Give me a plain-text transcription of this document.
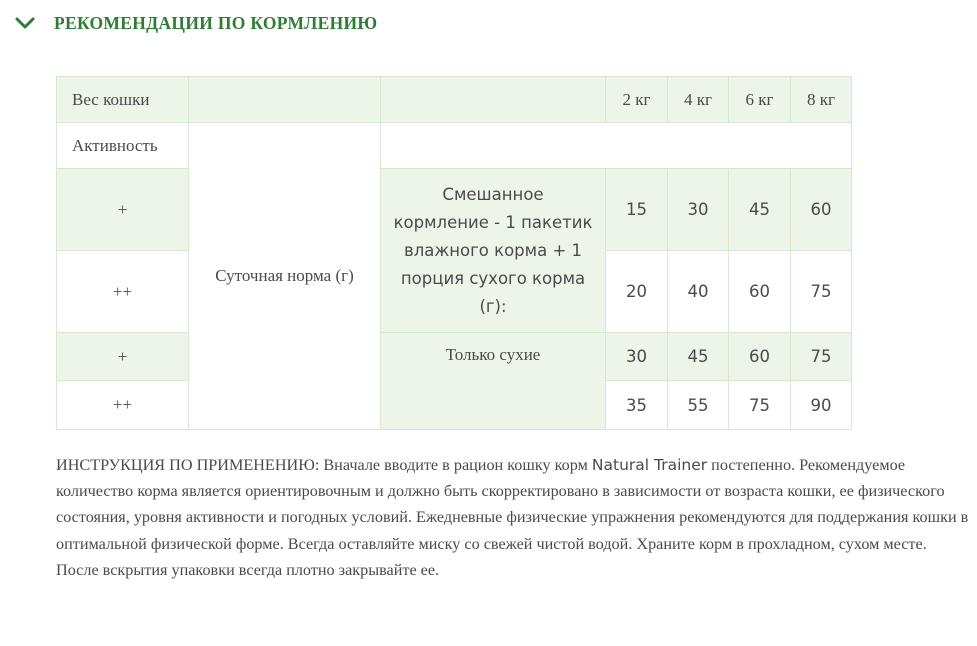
РЕКОМЕНДАЦИИ ПО КОРМЛЕНИЮ
Вес кошки			2 кг	4 кг	6 кг	8 кг
Активность	Суточная норма (г)					
+		Смешанное кормление - 1 пакетик влажного корма + 1 порция сухого корма (г):	15	30	45	60
++			20	40	60	75
+		Только сухие	30	45	60	75
++			35	55	75	90

ИНСТРУКЦИЯ ПО ПРИМЕНЕНИЮ: Вначале вводите в рацион кошку корм Natural Trainer постепенно. Рекомендуемое количество корма является ориентировочным и должно быть скорректировано в зависимости от возраста кошки, ее физического состояния, уровня активности и погодных условий. Ежедневные физические упражнения рекомендуются для поддержания кошки в оптимальной физической форме. Всегда оставляйте миску со свежей чистой водой. Храните корм в прохладном, сухом месте. После вскрытия упаковки всегда плотно закрывайте ее.
